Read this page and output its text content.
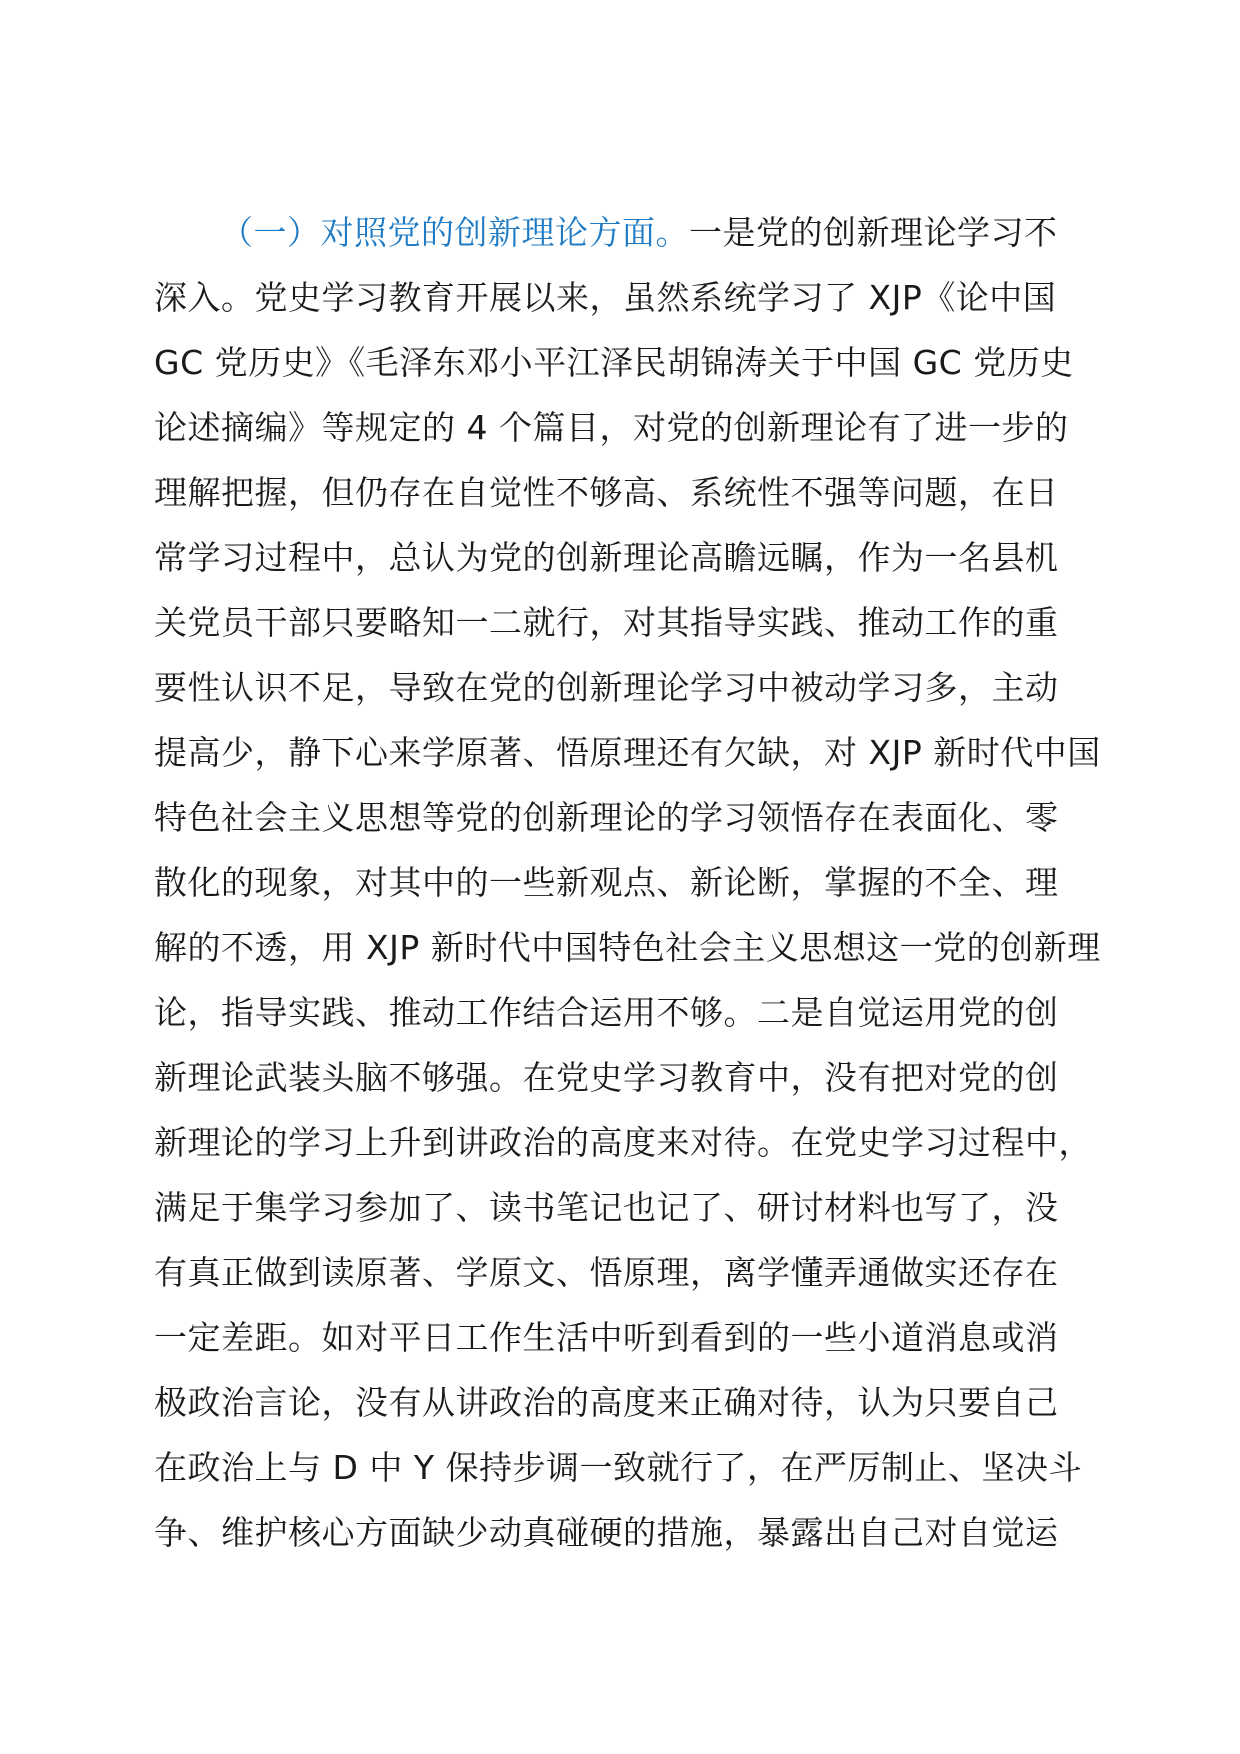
（一）对照党的创新理论方面。一是党的创新理论学习不
深入。党史学习教育开展以来，虽然系统学习了 XJP《论中国
GC 党历史》《毛泽东邓小平江泽民胡锦涛关于中国 GC 党历史
论述摘编》等规定的 4 个篇目，对党的创新理论有了进一步的
理解把握，但仍存在自觉性不够高、系统性不强等问题，在日
常学习过程中，总认为党的创新理论高瞻远瞩，作为一名县机
关党员干部只要略知一二就行，对其指导实践、推动工作的重
要性认识不足，导致在党的创新理论学习中被动学习多，主动
提高少，静下心来学原著、悟原理还有欠缺，对 XJP 新时代中国
特色社会主义思想等党的创新理论的学习领悟存在表面化、零
散化的现象，对其中的一些新观点、新论断，掌握的不全、理
解的不透，用 XJP 新时代中国特色社会主义思想这一党的创新理
论，指导实践、推动工作结合运用不够。二是自觉运用党的创
新理论武装头脑不够强。在党史学习教育中，没有把对党的创
新理论的学习上升到讲政治的高度来对待。在党史学习过程中，
满足于集学习参加了、读书笔记也记了、研讨材料也写了，没
有真正做到读原著、学原文、悟原理，离学懂弄通做实还存在
一定差距。如对平日工作生活中听到看到的一些小道消息或消
极政治言论，没有从讲政治的高度来正确对待，认为只要自己
在政治上与 D 中 Y 保持步调一致就行了，在严厉制止、坚决斗
争、维护核心方面缺少动真碰硬的措施，暴露出自己对自觉运
